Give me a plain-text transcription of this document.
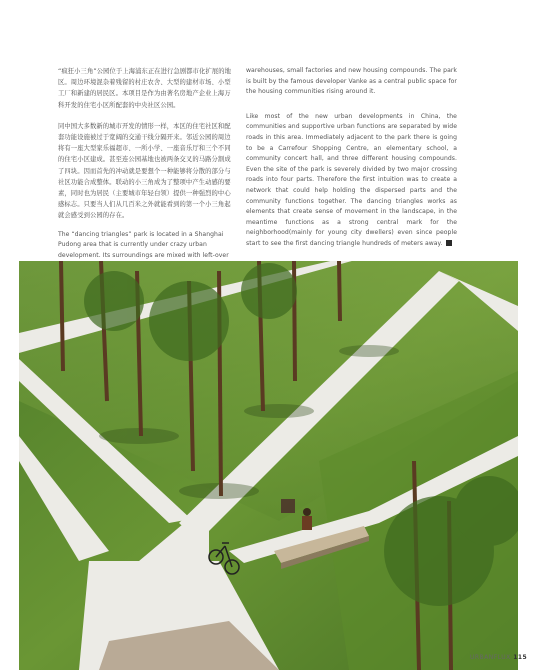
“疯狂小三角”公园位于上海浦东正在进行急剧都市化扩展的地区。周边环境混杂着残留的村庄农舍、大型的建材市场、小型工厂和新建的居民区。本项目是作为由著名房地产企业上海万科开发的住宅小区所配套的中央社区公园。

同中国大多数新的城市开发的情形一样，本区的住宅社区和配套功能设施被过于宽阔的交通干线分隔开来。邻近公园的周边将有一座大型家乐福超市、一所小学、一座音乐厅和三个不同的住宅小区建成。甚至连公园基地也被两条交叉的马路分割成了四块。因而首先的冲动就是要想个一种能够将分散的部分与社区功能合成整体。联动的小三角成为了整项中产生动感的要素，同时也为居民（主要城市年轻白领）提供一种强烈的中心感标志。只要当人们从几百米之外就能看到的第一个小三角起就会感受到公园的存在。

The “dancing triangles” park is located in a Shanghai Pudong area that is currently under crazy urban development. Its surroundings are mixed with left-over

warehouses, small factories and new housing compounds. The park is built by the famous developer Vanke as a central public space for the housing communities rising around it.

Like most of the new urban developments in China, the communities and supportive urban functions are separated by wide roads in this area. Immediately adjacent to the park there is going to be a Carrefour Shopping Centre, an elementary school, a community concert hall, and three different housing compounds. Even the site of the park is severely divided by two major crossing roads into four parts. Therefore the first intuition was to create a network that could help holding the dispersed parts and the community functions together. The dancing triangles works as elements that create sense of movement in the landscape, in the meantime functions as a strong central mark for the neighborhood(mainly for young city dwellers) even since people start to see the first dancing triangle hundreds of meters away.

URBANFLUX 115
